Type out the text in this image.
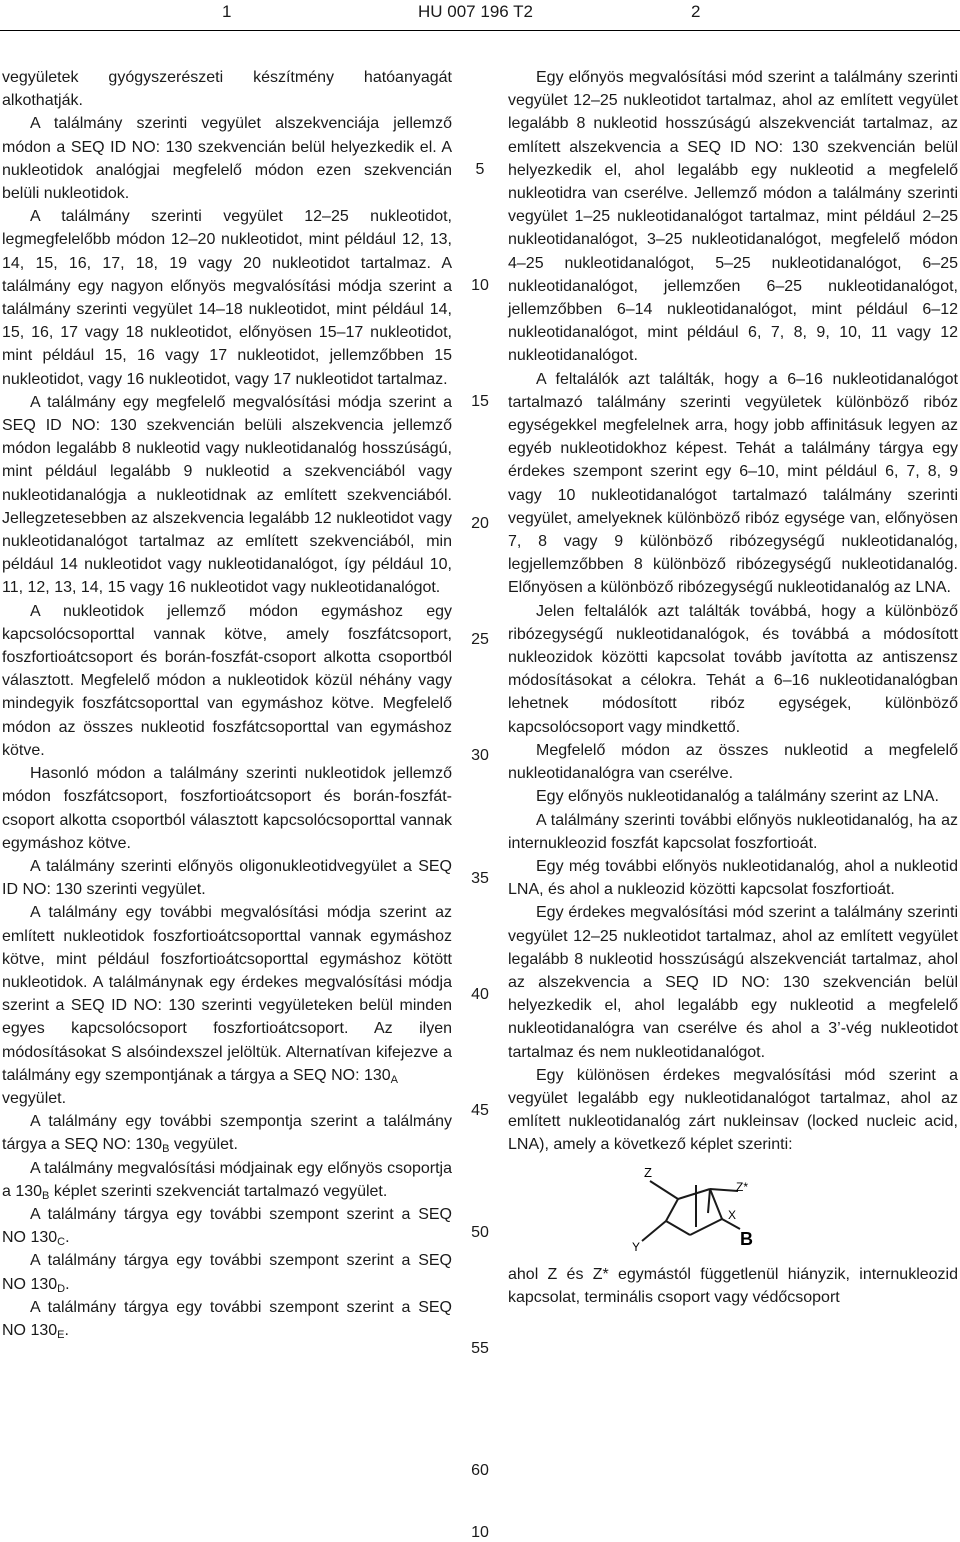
1	HU 007 196 T2	2

vegyületek gyógyszerészeti készítmény hatóanyagát alkothatják.

A találmány szerinti vegyület alszekvenciája jellemző módon a SEQ ID NO: 130 szekvencián belül helyezkedik el. A nukleotidok analógjai megfelelő módon ezen szekvencián belüli nukleotidok.

A találmány szerinti vegyület 12–25 nukleotidot, legmegfelelőbb módon 12–20 nukleotidot, mint például 12, 13, 14, 15, 16, 17, 18, 19 vagy 20 nukleotidot tartalmaz. A találmány egy nagyon előnyös megvalósítási módja szerint a találmány szerinti vegyület 14–18 nukleotidot, mint például 14, 15, 16, 17 vagy 18 nukleotidot, előnyösen 15–17 nukleotidot, mint például 15, 16 vagy 17 nukleotidot, jellemzőbben 15 nukleotidot, vagy 16 nukleotidot, vagy 17 nukleotidot tartalmaz.

A találmány egy megfelelő megvalósítási módja szerint a SEQ ID NO: 130 szekvencián belüli alszekvencia jellemző módon legalább 8 nukleotid vagy nukleotidanalóg hosszúságú, mint például legalább 9 nukleotid a szekvenciából vagy nukleotidanalógja a nukleotidnak az említett szekvenciából. Jellegzetesebben az alszekvencia legalább 12 nukleotidot vagy nukleotidanalógot tartalmaz az említett szekvenciából, min például 14 nukleotidot vagy nukleotidanalógot, így például 10, 11, 12, 13, 14, 15 vagy 16 nukleotidot vagy nukleotidanalógot.

A nukleotidok jellemző módon egymáshoz egy kapcsolócsoporttal vannak kötve, amely foszfátcsoport, foszfortioátcsoport és borán-foszfát-csoport alkotta csoportból választott. Megfelelő módon a nukleotidok közül néhány vagy mindegyik foszfátcsoporttal van egymáshoz kötve. Megfelelő módon az összes nukleotid foszfátcsoporttal van egymáshoz kötve.

Hasonló módon a találmány szerinti nukleotidok jellemző módon foszfátcsoport, foszfortioátcsoport és borán-foszfát-csoport alkotta csoportból választott kapcsolócsoporttal vannak egymáshoz kötve.

A találmány szerinti előnyös oligonukleotidvegyület a SEQ ID NO: 130 szerinti vegyület.

A találmány egy további megvalósítási módja szerint az említett nukleotidok foszfortioátcsoporttal vannak egymáshoz kötve, mint például foszfortioátcsoporttal egymáshoz kötött nukleotidok. A találmánynak egy érdekes megvalósítási módja szerint a SEQ ID NO: 130 szerinti vegyületeken belül minden egyes kapcsolócsoport foszfortioátcsoport. Az ilyen módosításokat S alsóindexszel jelöltük. Alternatívan kifejezve a találmány egy szempontjának a tárgya a SEQ NO: $130_A$
vegyület.

A találmány egy további szempontja szerint a találmány tárgya a SEQ NO: $130_B$ vegyület.

A találmány megvalósítási módjainak egy előnyös csoportja a $130_B$ képlet szerinti szekvenciát tartalmazó vegyület.

A találmány tárgya egy további szempont szerint a SEQ NO $130_C$.

A találmány tárgya egy további szempont szerint a SEQ NO $130_D$.

A találmány tárgya egy további szempont szerint a SEQ NO $130_E$.

5
10
15
20
25
30
35
40
45
50
55
60

Egy előnyös megvalósítási mód szerint a találmány szerinti vegyület 12–25 nukleotidot tartalmaz, ahol az említett vegyület legalább 8 nukleotid hosszúságú alszekvenciát tartalmaz, az említett alszekvencia a SEQ ID NO: 130 szekvencián belül helyezkedik el, ahol legalább egy nukleotid a megfelelő nukleotidra van cserélve. Jellemző módon a találmány szerinti vegyület 1–25 nukleotidanalógot tartalmaz, mint például 2–25 nukleotidanalógot, 3–25 nukleotidanalógot, megfelelő módon 4–25 nukleotidanalógot, 5–25 nukleotidanalógot, 6–25 nukleotidanalógot, jellemzően 6–25 nukleotidanalógot, jellemzőbben 6–14 nukleotidanalógot, mint például 6–12 nukleotidanalógot, mint például 6, 7, 8, 9, 10, 11 vagy 12 nukleotidanalógot.

A feltalálók azt találták, hogy a 6–16 nukleotidanalógot tartalmazó találmány szerinti vegyületek különböző ribóz egységekkel megfelelnek arra, hogy jobb affinitásuk legyen az egyéb nukleotidokhoz képest. Tehát a találmány tárgya egy érdekes szempont szerint egy 6–10, mint például 6, 7, 8, 9 vagy 10 nukleotidanalógot tartalmazó találmány szerinti vegyület, amelyeknek különböző ribóz egysége van, előnyösen 7, 8 vagy 9 különböző ribózegységű nukleotidanalóg, legjellemzőbben 8 különböző ribózegységű nukleotidanalóg. Előnyösen a különböző ribózegységű nukleotidanalóg az LNA.

Jelen feltalálók azt találták továbbá, hogy a különböző ribózegységű nukleotidanalógok, és továbbá a módosított nukleozidok közötti kapcsolat tovább javította az antiszensz módosításokat a célokra. Tehát a 6–16 nukleotidanalógban lehetnek módosított ribóz egységek, különböző kapcsolócsoport vagy mindkettő.

Megfelelő módon az összes nukleotid a megfelelő nukleotidanalógra van cserélve.

Egy előnyös nukleotidanalóg a találmány szerint az LNA.

A találmány szerinti további előnyös nukleotidanalóg, ha az internukleozid foszfát kapcsolat foszfortioát.

Egy még további előnyös nukleotidanalóg, ahol a nukleotid LNA, és ahol a nukleozid közötti kapcsolat foszfortioát.

Egy érdekes megvalósítási mód szerint a találmány szerinti vegyület 12–25 nukleotidot tartalmaz, ahol az említett vegyület legalább 8 nukleotid hosszúságú alszekvenciát tartalmaz, ahol az alszekvencia a SEQ ID NO: 130 szekvencián belül helyezkedik el, ahol legalább egy nukleotid a megfelelő nukleotidanalógra van cserélve és ahol a 3’-vég nukleotidot tartalmaz és nem nukleotidanalógot.

Egy különösen érdekes megvalósítási mód szerint a vegyület legalább egy nukleotidanalógot tartalmaz, ahol az említett nukleotidanalóg zárt nukleinsav (locked nucleic acid, LNA), amely a következő képlet szerinti:

Z
Z*
X
Y	B

ahol Z és Z* egymástól függetlenül hiányzik, internukleozid kapcsolat, terminális csoport vagy védőcsoport

10
